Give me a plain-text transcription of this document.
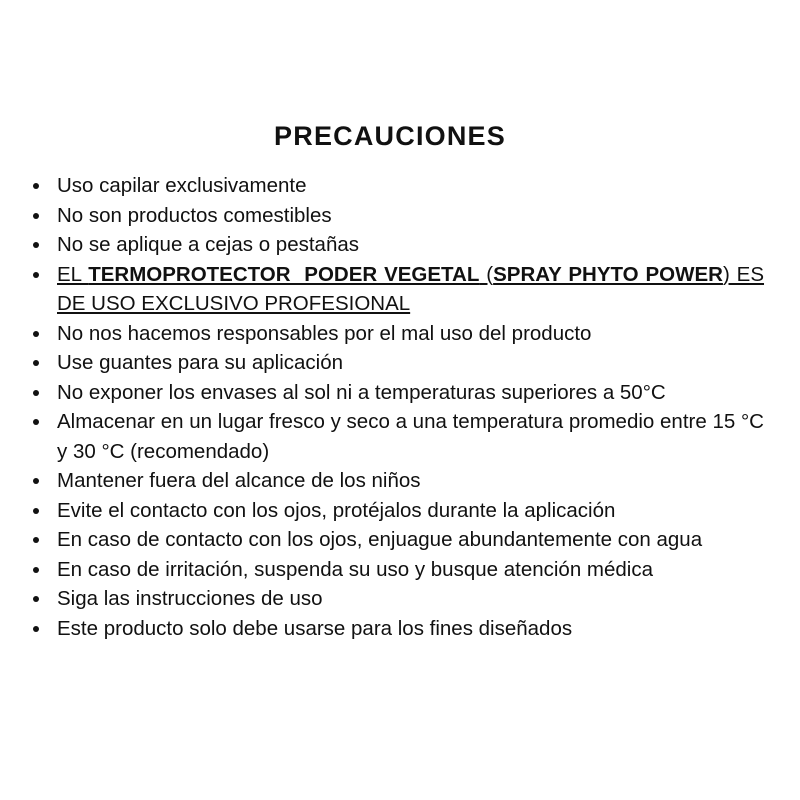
PRECAUCIONES
Uso capilar exclusivamente
No son productos comestibles
No se aplique a cejas o pestañas
EL TERMOPROTECTOR  PODER VEGETAL (SPRAY PHYTO POWER) ES DE USO EXCLUSIVO PROFESIONAL
No nos hacemos responsables por el mal uso del producto
Use guantes para su aplicación
No exponer los envases al sol ni a temperaturas superiores a 50°C
Almacenar en un lugar fresco y seco a una temperatura promedio entre 15 °C y 30 °C (recomendado)
Mantener fuera del alcance de los niños
Evite el contacto con los ojos, protéjalos durante la aplicación
En caso de contacto con los ojos, enjuague abundantemente con agua
En caso de irritación, suspenda su uso y busque atención médica
Siga las instrucciones de uso
Este producto solo debe usarse para los fines diseñados
